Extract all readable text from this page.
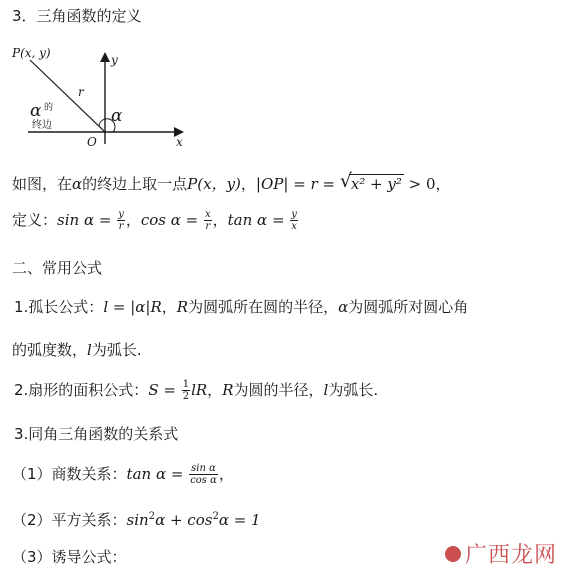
3．三角函数的定义
P(x, y)	y
x
r
α
O
α 的
终边
如图，在α的终边上取一点P(x，y)，|OP| = r = √ x² + y² > 0，
定义：$\sin \alpha = \frac{y}{r}$ ，$\cos \alpha = \frac{x}{r}$ ，$\tan \alpha = \frac{y}{x}$
二、常用公式
1.孤长公式：l = |α|R，R为圆弧所在圆的半径，α为圆弧所对圆心角
的弧度数，l为弧长.
2.扇形的面积公式：$S = \frac{1}{2}$ lR，R为圆的半径，l为弧长.
3.同角三角函数的关系式
（1）商数关系：$\tan \alpha = \frac{\text{sin α}}{\text{cos α}}$ ，
（2）平方关系：$\sin^2\alpha + \cos^2\alpha = 1$
（3）诱导公式：	广西龙网
